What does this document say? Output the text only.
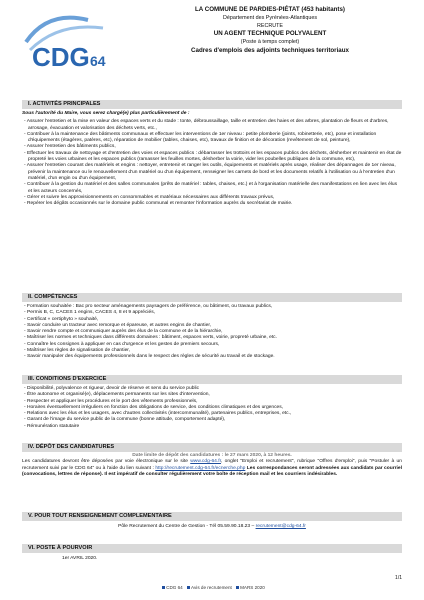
CDG 64
LA COMMUNE DE PARDIES-PIÉTAT (453 habitants)
Département des Pyrénées-Atlantiques
RECRUTE
UN AGENT TECHNIQUE POLYVALENT
(Poste à temps complet)
Cadres d'emplois des adjoints techniques territoriaux
I. ACTIVITÉS PRINCIPALES
Sous l'autorité du Maire, vous serez chargé(e) plus particulièrement de :
- Assurer l'entretien et la mise en valeur des espaces verts et du stade : tonte, débroussaillage, taille et entretien des haies et des arbres, plantation de fleurs et d'arbres, arrosage, évacuation et valorisation des déchets verts, etc.,
- Contribuer à la maintenance des bâtiments communaux et effectuer les interventions de 1er niveau : petite plomberie (joints, robinetterie, etc), pose et installation d'équipements (étagères, patères, etc), réparation de mobilier (tables, chaises, etc), travaux de finition et de décoration (revêtement de sol, peinture),
- Assurer l'entretien des bâtiments publics,
- Effectuer les travaux de nettoyage et d'entretien des voies et espaces publics : débarrasser les trottoirs et les espaces publics des déchets, désherber et maintenir en état de propreté les voies urbaines et les espaces publics (ramasser les feuilles mortes, désherber la voirie, vider les poubelles publiques de la commune, etc),
- Assurer l'entretien courant des matériels et engins : nettoyer, entretenir et ranger les outils, équipements et matériels après usage, réaliser des dépannages de 1er niveau, prévenir la maintenance ou le renouvellement d'un matériel ou d'un équipement, renseigner les carnets de bord et les documents relatifs à l'utilisation ou à l'entretien d'un matériel, d'un engin ou d'un équipement,
- Contribuer à la gestion du matériel et des salles communales (prêts de matériel : tables, chaises, etc.) et à l'organisation matérielle des manifestations en lien avec les élus et les acteurs concernés,
- Gérer et suivre les approvisionnements en consommables et matériaux nécessaires aux différents travaux prévus,
- Repérer les dégâts occasionnés sur le domaine public communal et remonter l'information auprès du secrétariat de mairie.
II. COMPÉTENCES
- Formation souhaitée : Bac pro secteur aménagements paysagers de préférence, ou bâtiment, ou travaux publics,
- Permis B, C, CACES 1 engins, CACES 4, 8 et 9 appréciés,
- Certificat « certiphyto » souhaité,
- Savoir conduire un tracteur avec remorque et épareuse, et autres engins de chantier,
- Savoir rendre compte et communiquer auprès des élus de la commune et de la hiérarchie,
- Maîtriser les normes et techniques dans différents domaines : bâtiment, espaces verts, voirie, propreté urbaine, etc.
- Connaître les consignes à appliquer en cas d'urgence et les gestes de premiers secours,
- Maîtriser les règles de signalisation de chantier,
- Savoir manipuler des équipements professionnels dans le respect des règles de sécurité au travail et de stockage.
III. CONDITIONS D'EXERCICE
- Disponibilité, polyvalence et rigueur, devoir de réserve et sens du service public
- Être autonome et organisé(e), déplacements permanents sur les sites d'intervention,
- Respecter et appliquer les procédures et le port des vêtements professionnels,
- Horaires éventuellement irréguliers en fonction des obligations de service, des conditions climatiques et des urgences,
- Relations avec les élus et les usagers, avec d'autres collectivités (intercommunalité), partenaires publics, entreprises, etc.,
- Garant de l'image du service public de la commune (bonne attitude, comportement adapté),
- Rémunération statutaire
IV. DÉPÔT DES CANDIDATURES
Date limite de dépôt des candidatures : le 27 mars 2020, à 12 heures.
Les candidatures devront être déposées par voie électronique sur le site www.cdg-64.fr, onglet "Emploi et recrutement", rubrique "Offres d'emploi", puis "Postuler à un recrutement suivi par le CDG 64" ou à l'aide du lien suivant : http://recrutement.cdg-64.fr/ecnerche.php Les correspondances seront adressées aux candidats par courriel (convocations, lettres de réponse). Il est impératif de consulter régulièrement votre boîte de réception mail et les courriers indésirables.
V. POUR TOUT RENSEIGNEMENT COMPLEMENTAIRE
Pôle Recrutement du Centre de Gestion - Tél 05.59.90.18.23 – recrutement@cdg-64.fr
VI. POSTE À POURVOIR
1er AVRIL 2020.
1/1
CDG 64 Avis de recrutement MARS 2020
